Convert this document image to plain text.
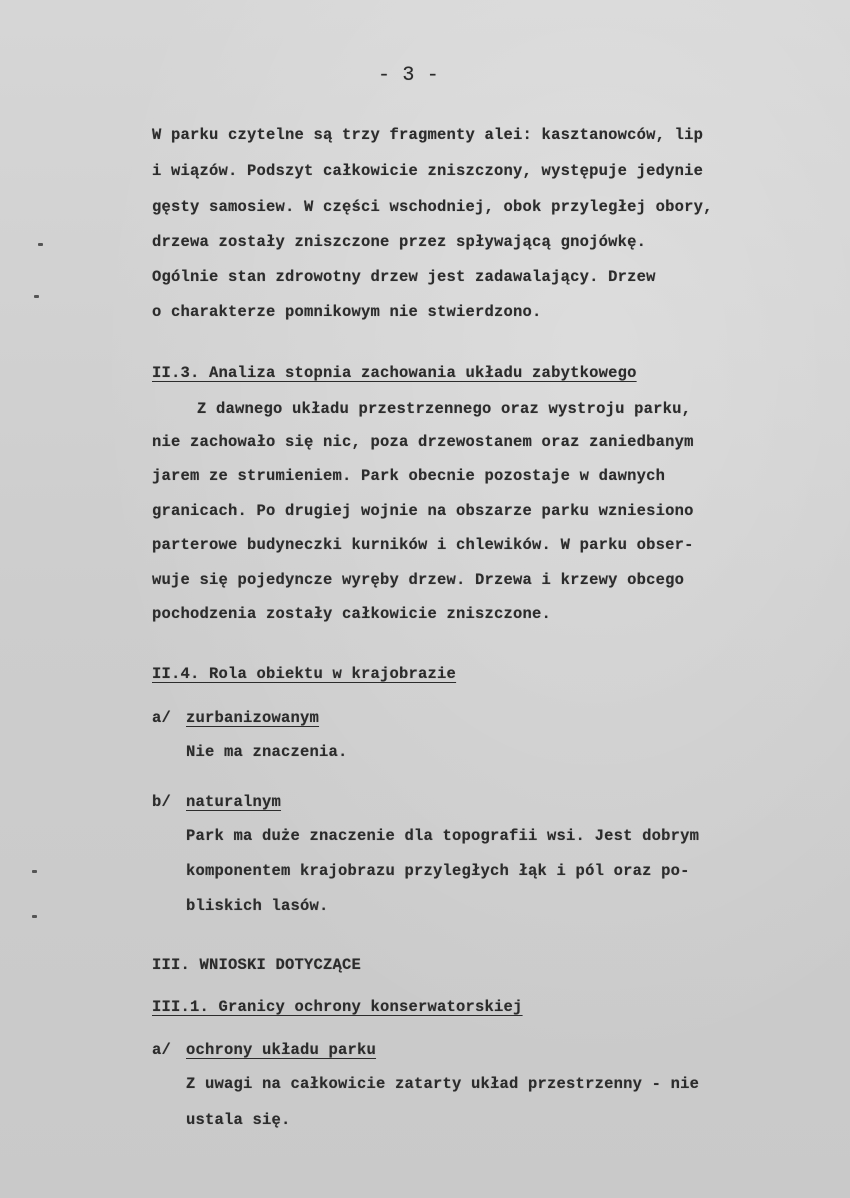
- 3 -
W parku czytelne są trzy fragmenty alei: kasztanowców, lip
i wiązów. Podszyt całkowicie zniszczony, występuje jedynie
gęsty samosiew. W części wschodniej, obok przyległej obory,
drzewa zostały zniszczone przez spływającą gnojówkę.
Ogólnie stan zdrowotny drzew jest zadawalający. Drzew
o charakterze pomnikowym nie stwierdzono.
II.3. Analiza stopnia zachowania układu zabytkowego
Z dawnego układu przestrzennego oraz wystroju parku,
nie zachowało się nic, poza drzewostanem oraz zaniedbanym
jarem ze strumieniem. Park obecnie pozostaje w dawnych
granicach. Po drugiej wojnie na obszarze parku wzniesiono
parterowe budyneczki kurników i chlewików. W parku obser-
wuje się pojedyncze wyręby drzew. Drzewa i krzewy obcego
pochodzenia zostały całkowicie zniszczone.
II.4. Rola obiektu w krajobrazie
a/ zurbanizowanym
Nie ma znaczenia.
b/ naturalnym
Park ma duże znaczenie dla topografii wsi. Jest dobrym
komponentem krajobrazu przyległych łąk i pól oraz po-
bliskich lasów.
III. WNIOSKI DOTYCZĄCE
III.1. Granicy ochrony konserwatorskiej
a/ ochrony układu parku
Z uwagi na całkowicie zatarty układ przestrzenny - nie
ustala się.
